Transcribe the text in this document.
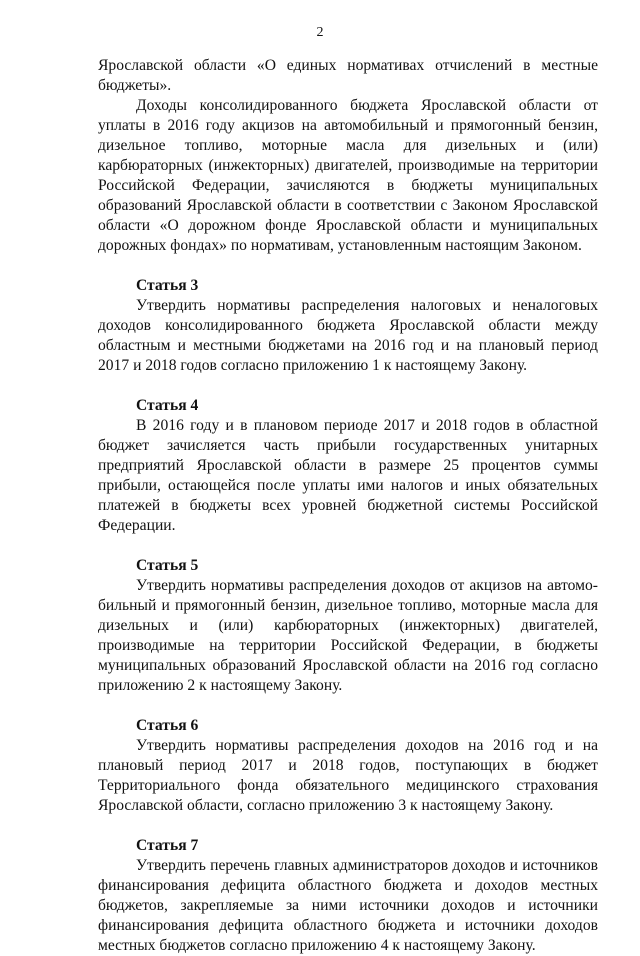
2

Ярославской области «О единых нормативах отчислений в местные бюджеты».

Доходы консолидированного бюджета Ярославской области от уплаты в 2016 году акцизов на автомобильный и прямогонный бензин, дизельное топливо, моторные масла для дизельных и (или) карбюраторных (инжекторных) двигателей, производимые на территории Российской Федерации, зачисляются в бюджеты муниципальных образований Ярославской области в соответствии с Законом Ярославской области «О дорожном фонде Ярославской области и муниципальных дорожных фондах» по нормативам, установленным настоящим Законом.

Статья 3

Утвердить нормативы распределения налоговых и неналоговых доходов консолидированного бюджета Ярославской области между областным и местными бюджетами на 2016 год и на плановый период 2017 и 2018 годов согласно приложению 1 к настоящему Закону.

Статья 4

В 2016 году и в плановом периоде 2017 и 2018 годов в областной бюджет зачисляется часть прибыли государственных унитарных предприятий Ярославской области в размере 25 процентов суммы прибыли, остающейся после уплаты ими налогов и иных обязательных платежей в бюджеты всех уровней бюджетной системы Российской Федерации.

Статья 5

Утвердить нормативы распределения доходов от акцизов на автомобильный и прямогонный бензин, дизельное топливо, моторные масла для дизельных и (или) карбюраторных (инжекторных) двигателей, производимые на территории Российской Федерации, в бюджеты муниципальных образований Ярославской области на 2016 год согласно приложению 2 к настоящему Закону.

Статья 6

Утвердить нормативы распределения доходов на 2016 год и на плановый период 2017 и 2018 годов, поступающих в бюджет Территориального фонда обязательного медицинского страхования Ярославской области, согласно приложению 3 к настоящему Закону.

Статья 7

Утвердить перечень главных администраторов доходов и источников финансирования дефицита областного бюджета и доходов местных бюджетов, закрепляемые за ними источники доходов и источники финансирования дефицита областного бюджета и источники доходов местных бюджетов согласно приложению 4 к настоящему Закону.
